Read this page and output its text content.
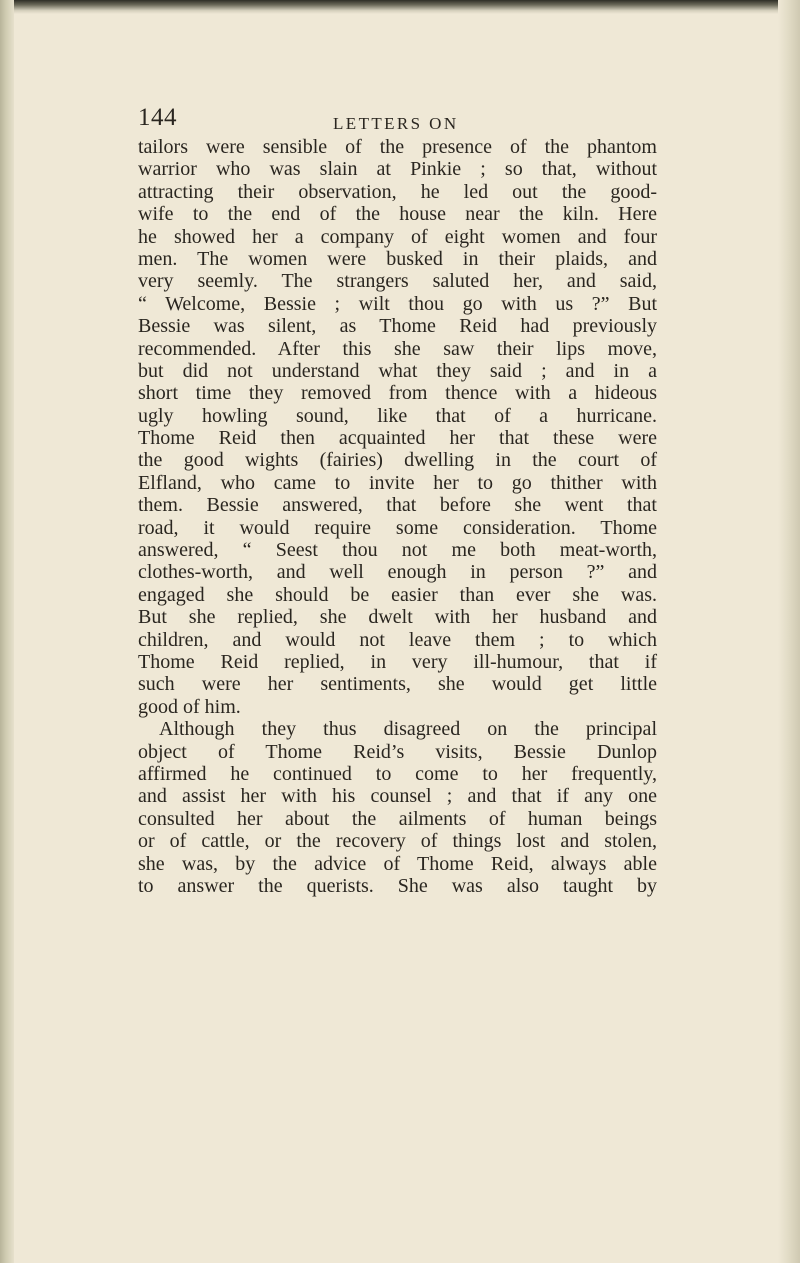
144	LETTERS ON
tailors were sensible of the presence of the phantom
warrior who was slain at Pinkie ; so that, without
attracting their observation, he led out the good-
wife to the end of the house near the kiln. Here
he showed her a company of eight women and four
men. The women were busked in their plaids, and
very seemly. The strangers saluted her, and said,
“ Welcome, Bessie ; wilt thou go with us ?” But
Bessie was silent, as Thome Reid had previously
recommended. After this she saw their lips move,
but did not understand what they said ; and in a
short time they removed from thence with a hideous
ugly howling sound, like that of a hurricane.
Thome Reid then acquainted her that these were
the good wights (fairies) dwelling in the court of
Elfland, who came to invite her to go thither with
them. Bessie answered, that before she went that
road, it would require some consideration. Thome
answered, “ Seest thou not me both meat-worth,
clothes-worth, and well enough in person ?” and
engaged she should be easier than ever she was.
But she replied, she dwelt with her husband and
children, and would not leave them ; to which
Thome Reid replied, in very ill-humour, that if
such were her sentiments, she would get little
good of him.
Although they thus disagreed on the principal
object of Thome Reid’s visits, Bessie Dunlop
affirmed he continued to come to her frequently,
and assist her with his counsel ; and that if any one
consulted her about the ailments of human beings
or of cattle, or the recovery of things lost and stolen,
she was, by the advice of Thome Reid, always able
to answer the querists. She was also taught by
